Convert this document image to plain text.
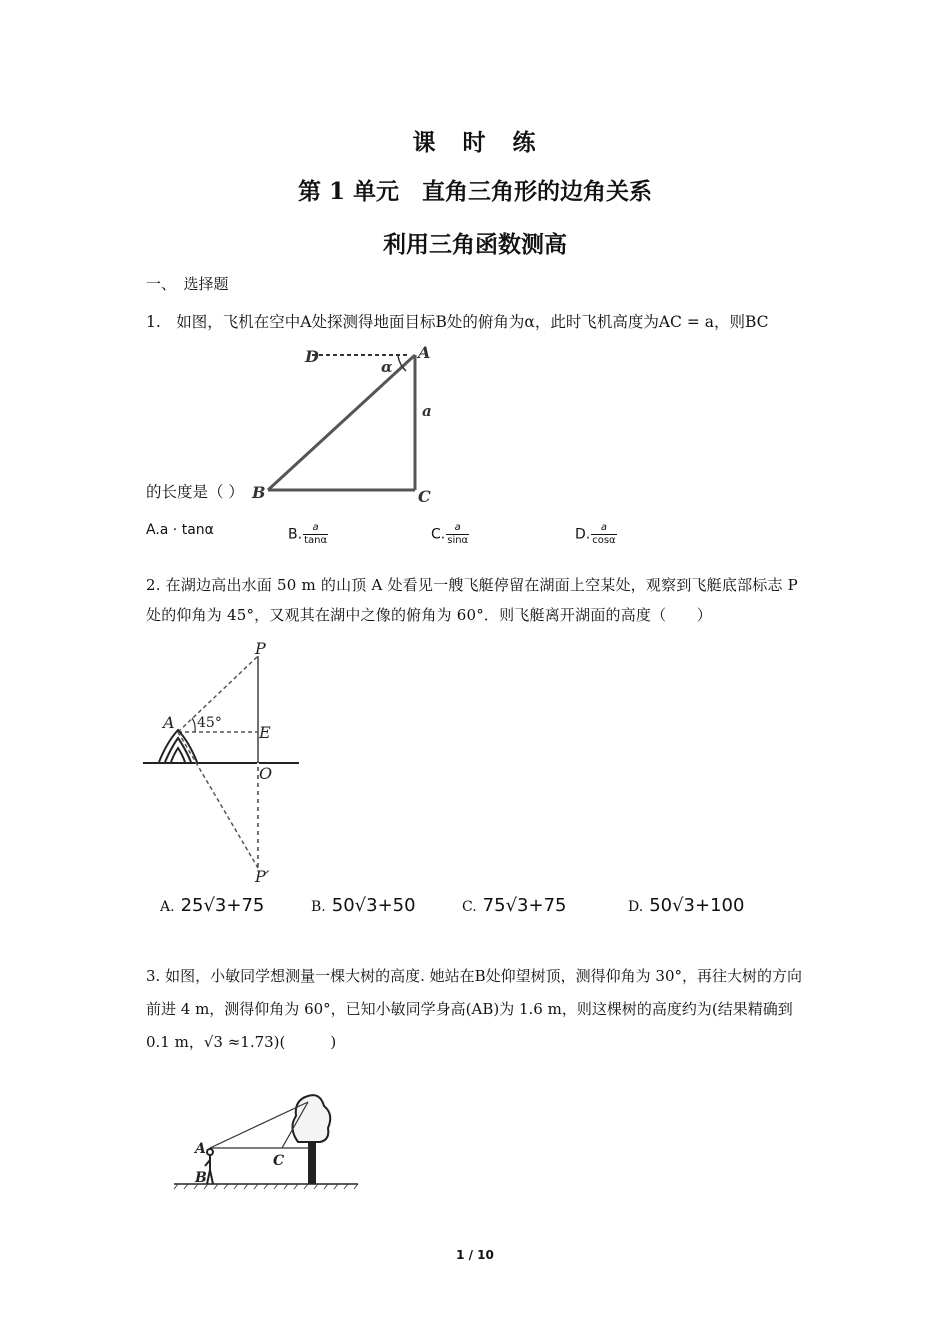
课　时　练
第 1 单元　直角三角形的边角关系
利用三角函数测高
一、　选择题
1.　如图，飞机在空中A处探测得地面目标B处的俯角为α，此时飞机高度为AC = a，则BC
D	A
α
a
B	C
的长度是（ ）
A.a · tanα	B. $\frac{a}{\tan\alpha}$	C. $\frac{a}{\sin\alpha}$	D. $\frac{a}{\cos\alpha}$
2. 在湖边高出水面 50 m 的山顶 A 处看见一艘飞艇停留在湖面上空某处，观察到飞艇底部标志 P 处的仰角为 45°，又观其在湖中之像的俯角为 60°．则飞艇离开湖面的高度（　　）
A 45°
P
E
O
P′
A. 25√3+75	B. 50√3+50	C. 75√3+75	D. 50√3+100
3. 如图，小敏同学想测量一棵大树的高度. 她站在B处仰望树顶，测得仰角为 30°，再往大树的方向前进 4 m，测得仰角为 60°，已知小敏同学身高(AB)为 1.6 m，则这棵树的高度约为(结果精确到 0.1 m，√3 ≈1.73)(　　　)
A
B
C
1 / 10
